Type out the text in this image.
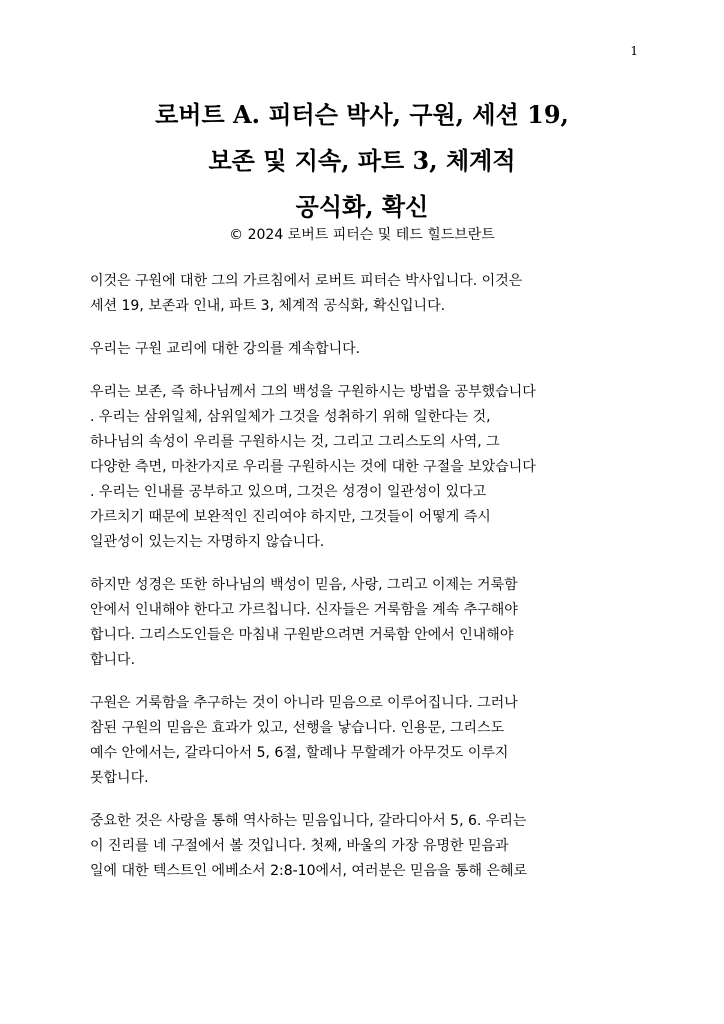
1
로버트 A. 피터슨 박사, 구원, 세션 19,
보존 및 지속, 파트 3, 체계적
공식화, 확신
© 2024 로버트 피터슨 및 테드 힐드브란트

이것은 구원에 대한 그의 가르침에서 로버트 피터슨 박사입니다. 이것은
세션 19, 보존과 인내, 파트 3, 체계적 공식화, 확신입니다.

우리는 구원 교리에 대한 강의를 계속합니다.

우리는 보존, 즉 하나님께서 그의 백성을 구원하시는 방법을 공부했습니다
. 우리는 삼위일체, 삼위일체가 그것을 성취하기 위해 일한다는 것,
하나님의 속성이 우리를 구원하시는 것, 그리고 그리스도의 사역, 그
다양한 측면, 마찬가지로 우리를 구원하시는 것에 대한 구절을 보았습니다
. 우리는 인내를 공부하고 있으며, 그것은 성경이 일관성이 있다고
가르치기 때문에 보완적인 진리여야 하지만, 그것들이 어떻게 즉시
일관성이 있는지는 자명하지 않습니다.

하지만 성경은 또한 하나님의 백성이 믿음, 사랑, 그리고 이제는 거룩함
안에서 인내해야 한다고 가르칩니다. 신자들은 거룩함을 계속 추구해야
합니다. 그리스도인들은 마침내 구원받으려면 거룩함 안에서 인내해야
합니다.

구원은 거룩함을 추구하는 것이 아니라 믿음으로 이루어집니다. 그러나
참된 구원의 믿음은 효과가 있고, 선행을 낳습니다. 인용문, 그리스도
예수 안에서는, 갈라디아서 5, 6절, 할례나 무할례가 아무것도 이루지
못합니다.

중요한 것은 사랑을 통해 역사하는 믿음입니다, 갈라디아서 5, 6. 우리는
이 진리를 네 구절에서 볼 것입니다. 첫째, 바울의 가장 유명한 믿음과
일에 대한 텍스트인 에베소서 2:8-10에서, 여러분은 믿음을 통해 은혜로
